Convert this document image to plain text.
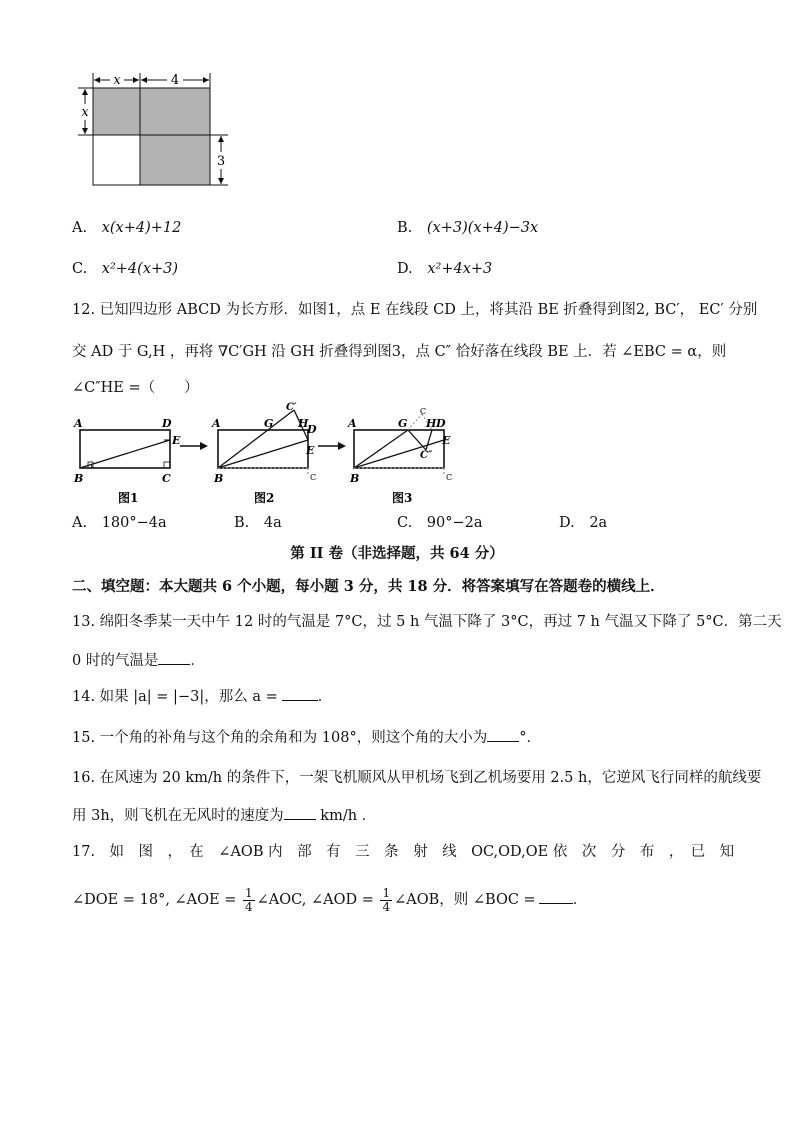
x	4
x
3
A. x(x+4)+12	B. (x+3)(x+4)−3x
C. x²+4(x+3)	D. x²+4x+3
12. 已知四边形 ABCD 为长方形．如图1，点 E 在线段 CD 上，将其沿 BE 折叠得到图2, BC′， EC′ 分别
交 AD 于 G,H ，再将 ∇C′GH 沿 GH 折叠得到图3，点 C″ 恰好落在线段 BE 上．若 ∠EBC = α，则
∠C″HE =（　　）
A	D
E
B	C
图1
A	G
C′
H
D
E
B	C
图2
A	G
C
H D
E
C″
B	C
图3
A. 180°−4a	B. 4a	C. 90°−2a	D. 2a
第 II 卷（非选择题，共 64 分）
二、填空题：本大题共 6 个小题，每小题 3 分，共 18 分．将答案填写在答题卷的横线上．
13. 绵阳冬季某一天中午 12 时的气温是 7°C，过 5 h 气温下降了 3°C，再过 7 h 气温又下降了 5°C．第二天
0 时的气温是 ．
14. 如果 |a| = |−3|，那么 a =	．
15. 一个角的补角与这个角的余角和为 108°，则这个角的大小为 °．
16. 在风速为 20 km/h 的条件下，一架飞机顺风从甲机场飞到乙机场要用 2.5 h，它逆风飞行同样的航线要
用 3h，则飞机在无风时的速度为 km/h ．
17.　如　图　，　在　∠AOB 内　部　有　三　条　射　线　OC,OD,OE 依　次　分　布　，　已　知
∠DOE = 18°, ∠AOE = $\frac{1}{4}$ ∠AOC, ∠AOD = $\frac{1}{4}$ ∠AOB，则 ∠BOC =	．
